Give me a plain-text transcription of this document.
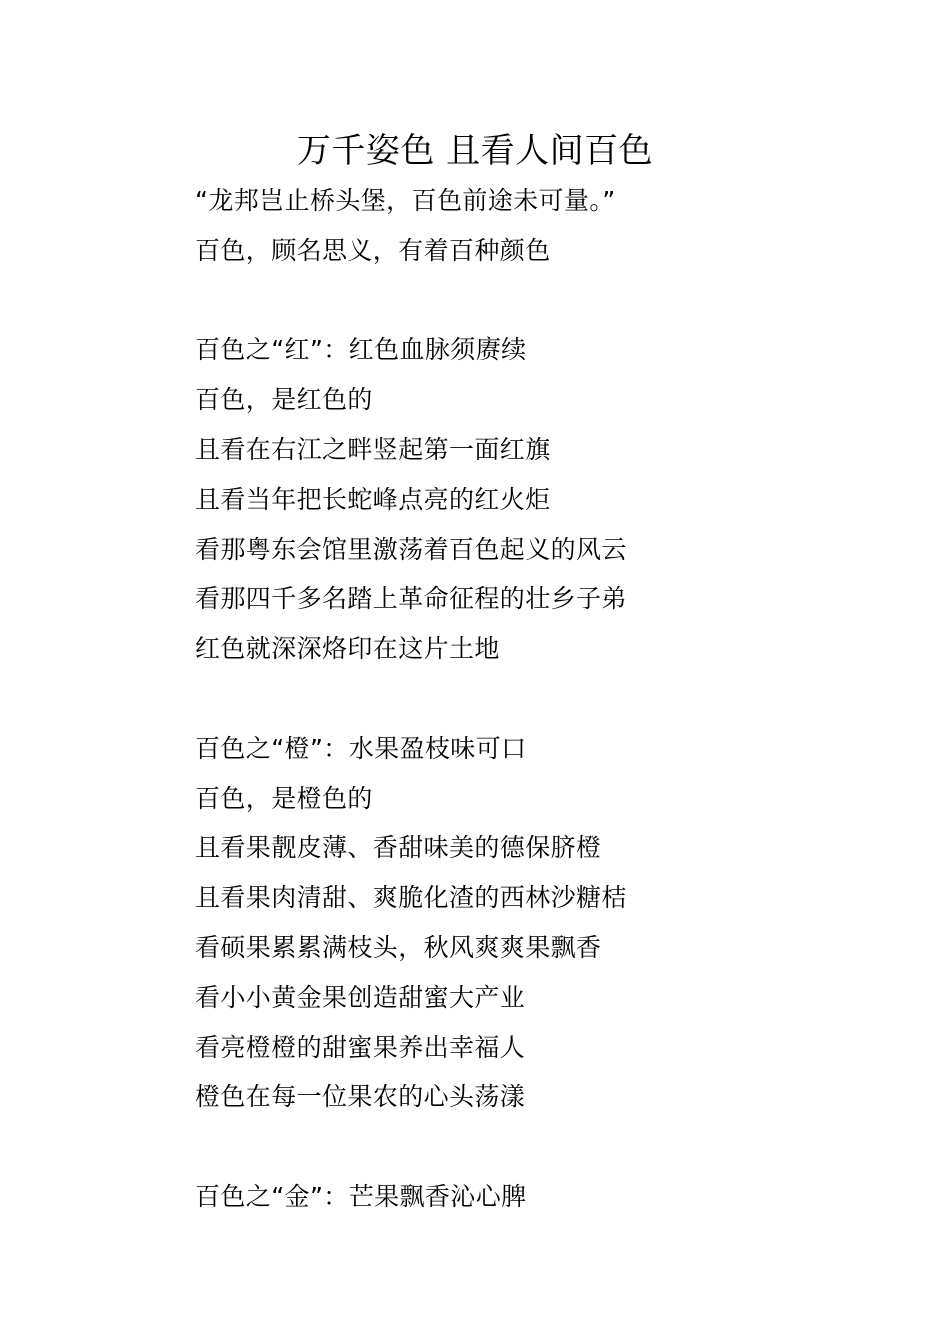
万千姿色 且看人间百色
“龙邦岂止桥头堡，百色前途未可量。”
百色，顾名思义，有着百种颜色
百色之“红”：红色血脉须赓续
百色，是红色的
且看在右江之畔竖起第一面红旗
且看当年把长蛇峰点亮的红火炬
看那粤东会馆里激荡着百色起义的风云
看那四千多名踏上革命征程的壮乡子弟
红色就深深烙印在这片土地
百色之“橙”：水果盈枝味可口
百色，是橙色的
且看果靓皮薄、香甜味美的德保脐橙
且看果肉清甜、爽脆化渣的西林沙糖桔
看硕果累累满枝头，秋风爽爽果飘香
看小小黄金果创造甜蜜大产业
看亮橙橙的甜蜜果养出幸福人
橙色在每一位果农的心头荡漾
百色之“金”：芒果飘香沁心脾
